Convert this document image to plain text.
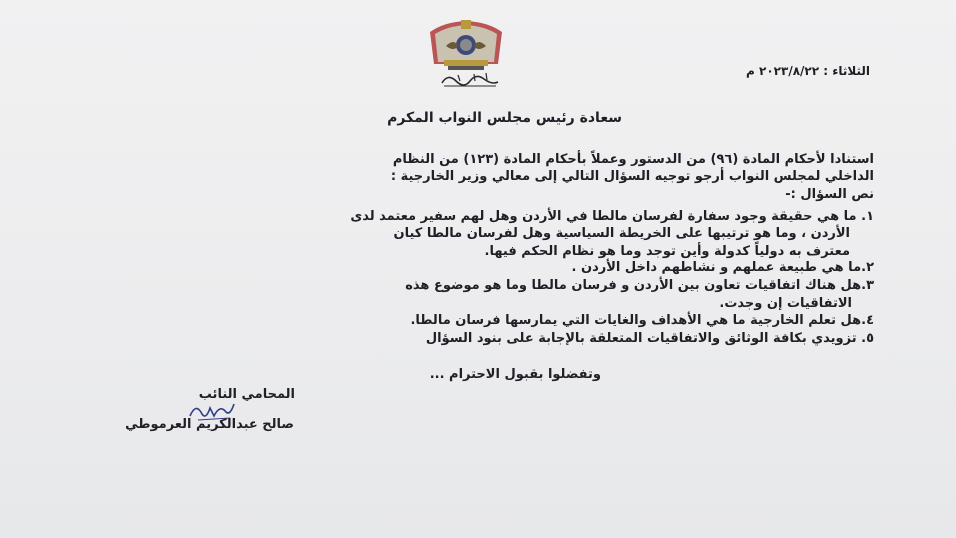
الثلاثاء : ٢٠٢٣/٨/٢٢ م

سعادة رئيس مجلس النواب المكرم

استنادا لأحكام المادة (٩٦) من الدستور وعملاً بأحكام المادة (١٢٣) من النظام

الداخلي لمجلس النواب أرجو توجيه السؤال التالي إلى معالي وزير الخارجية :

نص السؤال :-

١. ما هي حقيقة وجود سفارة لفرسان مالطا في الأردن وهل لهم سفير معتمد لدى

الأردن ، وما هو ترتيبها على الخريطة السياسية وهل لفرسان مالطا كيان

معترف به دولياً كدولة وأين توجد وما هو نظام الحكم فيها.

٢.ما هي طبيعة عملهم و نشاطهم داخل الأردن .

٣.هل هناك اتفاقيات تعاون بين الأردن و فرسان مالطا وما هو موضوع هذه

الاتفاقيات إن وجدت.

٤.هل تعلم الخارجية ما هي الأهداف والغايات التي يمارسها فرسان مالطا.

٥. تزويدي بكافة الوثائق والاتفاقيات المتعلقة بالإجابة على بنود السؤال

وتفضلوا بقبول الاحترام ...

المحامي النائب

صالح عبدالكريم العرموطي
